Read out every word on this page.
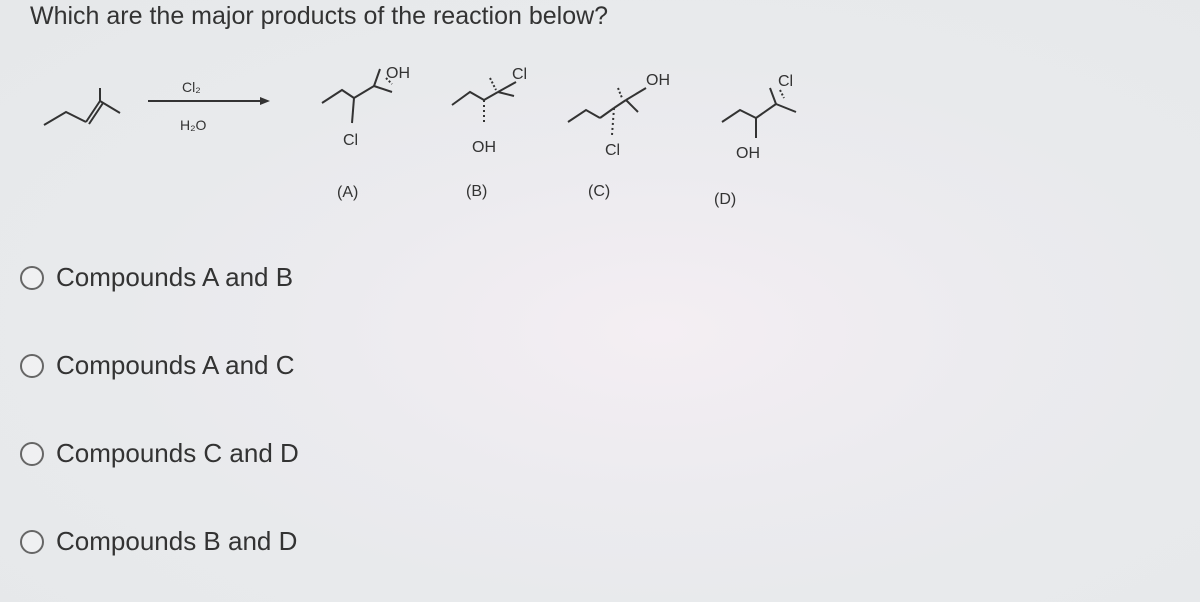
Which are the major products of the reaction below?
Cl₂
H₂O
OH
Cl
(A)
Cl
OH
(B)
OH
Cl
(C)
Cl
OH
(D)
Compounds A and B
Compounds A and C
Compounds C and D
Compounds B and D
